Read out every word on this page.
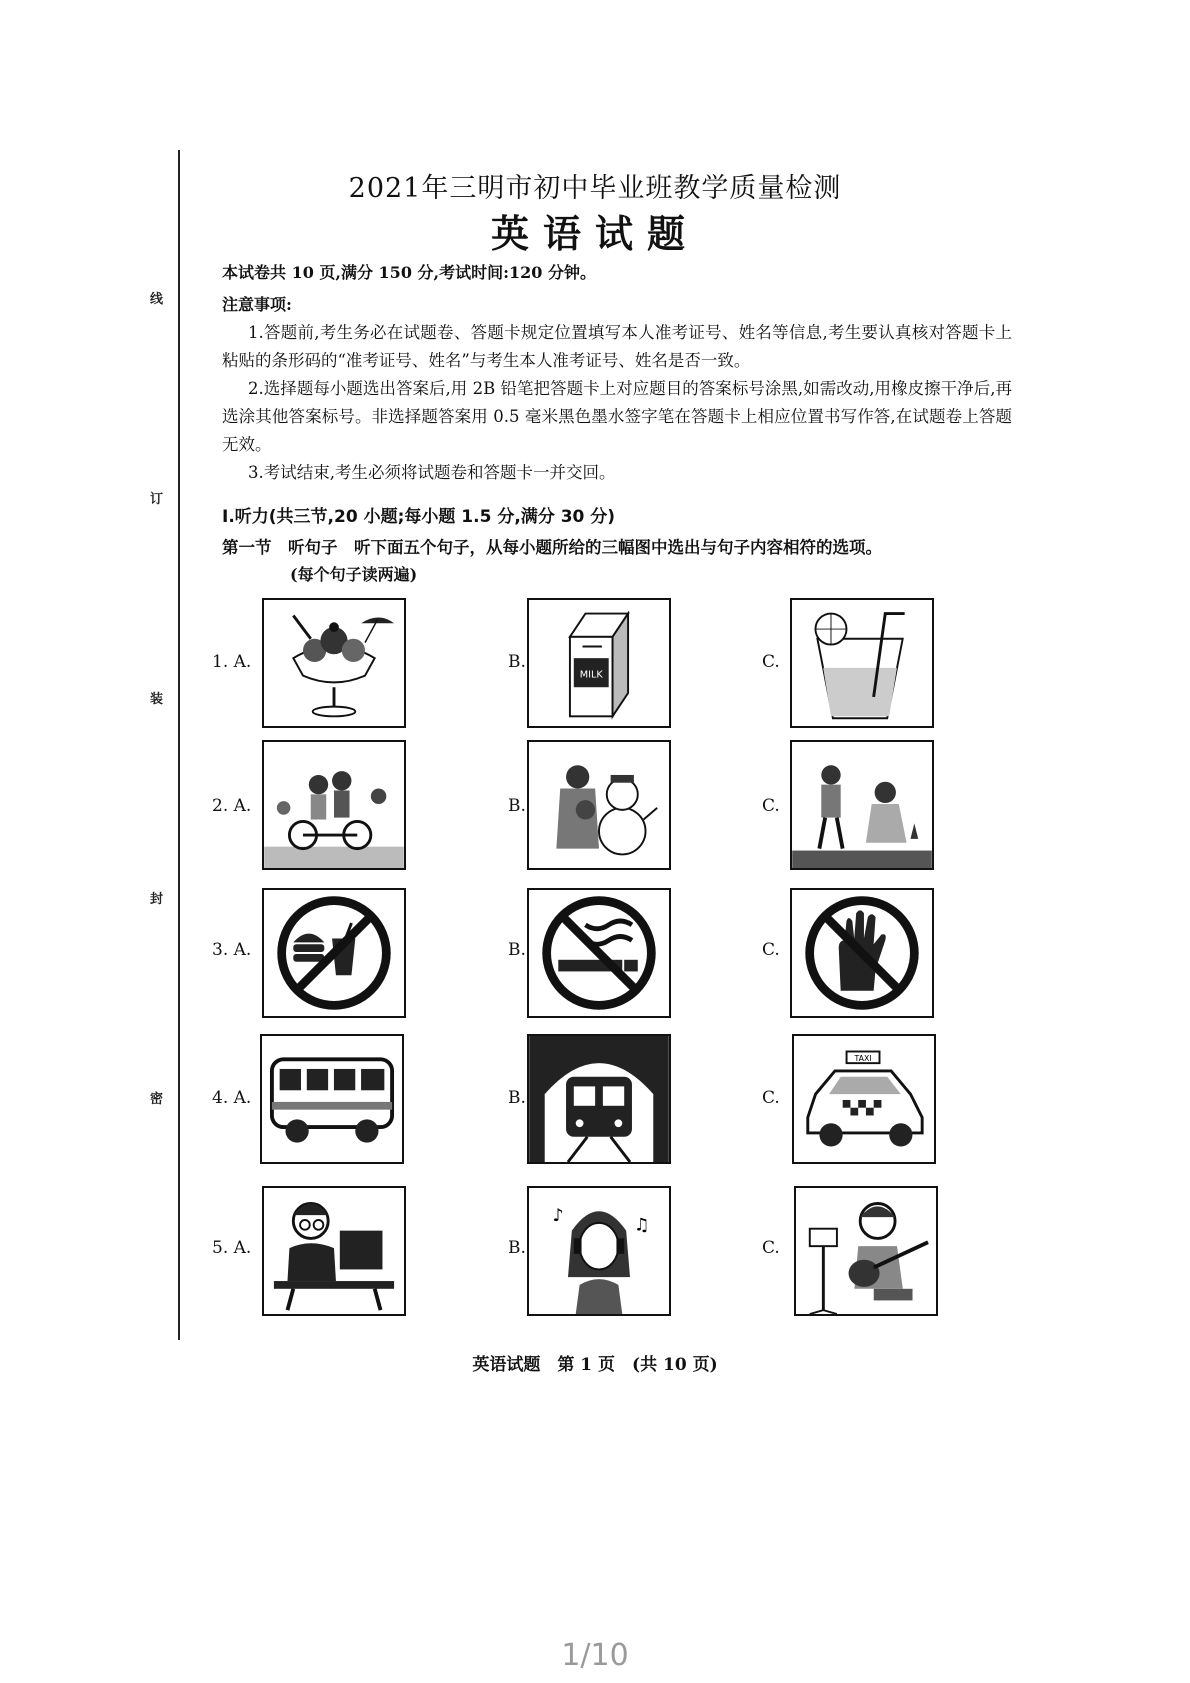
线
订
装
封
密
2021年三明市初中毕业班教学质量检测
英语试题
本试卷共 10 页,满分 150 分,考试时间:120 分钟。
注意事项:

1.答题前,考生务必在试题卷、答题卡规定位置填写本人准考证号、姓名等信息,考生要认真核对答题卡上粘贴的条形码的“准考证号、姓名”与考生本人准考证号、姓名是否一致。

2.选择题每小题选出答案后,用 2B 铅笔把答题卡上对应题目的答案标号涂黑,如需改动,用橡皮擦干净后,再选涂其他答案标号。非选择题答案用 0.5 毫米黑色墨水签字笔在答题卡上相应位置书写作答,在试题卷上答题无效。

3.考试结束,考生必须将试题卷和答题卡一并交回。

Ⅰ.听力(共三节,20 小题;每小题 1.5 分,满分 30 分)
第一节　听句子　听下面五个句子，从每小题所给的三幅图中选出与句子内容相符的选项。
(每个句子读两遍)
1. A.	B.
MILK
C.
2. A.	B.	C.
3. A.	B.	C.
4. A.	B.	C.
TAXI
5. A.	B.
♪	♫
C.
英语试题　第 1 页　(共 10 页)
1/10
